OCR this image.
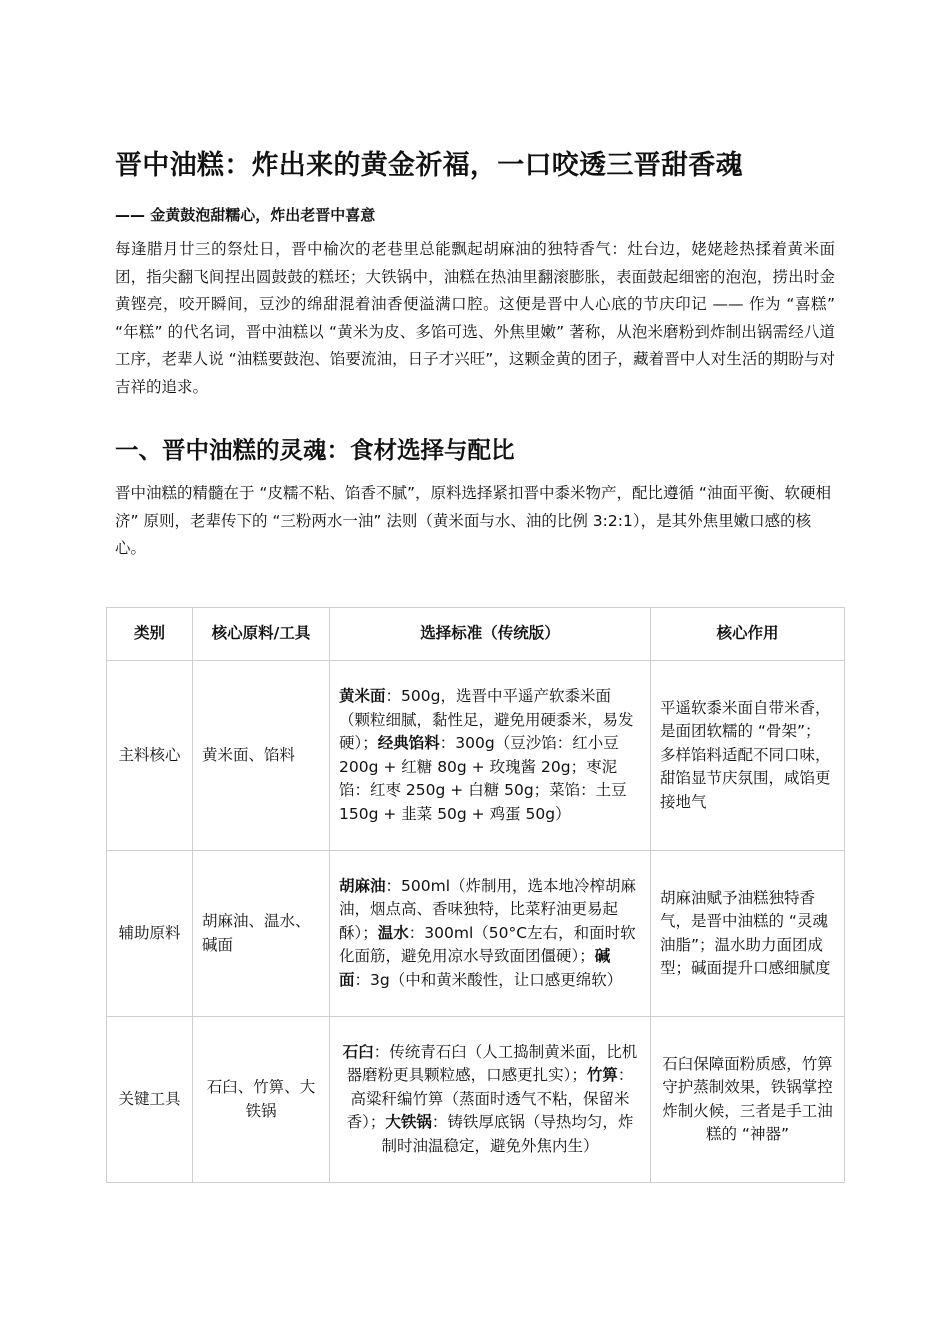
晋中油糕：炸出来的黄金祈福，一口咬透三晋甜香魂

—— 金黄鼓泡甜糯心，炸出老晋中喜意

每逢腊月廿三的祭灶日，晋中榆次的老巷里总能飘起胡麻油的独特香气：灶台边，姥姥趁热揉着黄米面团，指尖翻飞间捏出圆鼓鼓的糕坯；大铁锅中，油糕在热油里翻滚膨胀，表面鼓起细密的泡泡，捞出时金黄铿亮，咬开瞬间，豆沙的绵甜混着油香便溢满口腔。这便是晋中人心底的节庆印记 —— 作为 “喜糕” “年糕” 的代名词，晋中油糕以 “黄米为皮、多馅可选、外焦里嫩” 著称，从泡米磨粉到炸制出锅需经八道工序，老辈人说 “油糕要鼓泡、馅要流油，日子才兴旺”，这颗金黄的团子，藏着晋中人对生活的期盼与对吉祥的追求。

一、晋中油糕的灵魂：食材选择与配比

晋中油糕的精髓在于 “皮糯不粘、馅香不腻”，原料选择紧扣晋中黍米物产，配比遵循 “油面平衡、软硬相济” 原则，老辈传下的 “三粉两水一油” 法则（黄米面与水、油的比例 3:2:1），是其外焦里嫩口感的核心。

类别	核心原料/工具	选择标准（传统版）	核心作用
主料核心	黄米面、馅料	黄米面：500g，选晋中平遥产软黍米面（颗粒细腻，黏性足，避免用硬黍米，易发硬）；经典馅料：300g（豆沙馅：红小豆 200g + 红糖 80g + 玫瑰酱 20g；枣泥馅：红枣 250g + 白糖 50g；菜馅：土豆 150g + 韭菜 50g + 鸡蛋 50g）	平遥软黍米面自带米香，是面团软糯的 “骨架”；多样馅料适配不同口味，甜馅显节庆氛围，咸馅更接地气
辅助原料	胡麻油、温水、碱面	胡麻油：500ml（炸制用，选本地冷榨胡麻油，烟点高、香味独特，比菜籽油更易起酥）；温水：300ml（50°C左右，和面时软化面筋，避免用凉水导致面团僵硬）；碱面：3g（中和黄米酸性，让口感更绵软）	胡麻油赋予油糕独特香气，是晋中油糕的 “灵魂油脂”；温水助力面团成型；碱面提升口感细腻度
关键工具	石臼、竹箅、大铁锅	石臼：传统青石臼（人工捣制黄米面，比机器磨粉更具颗粒感，口感更扎实）；竹箅：高粱秆编竹箅（蒸面时透气不粘，保留米香）；大铁锅：铸铁厚底锅（导热均匀，炸制时油温稳定，避免外焦内生）	石臼保障面粉质感，竹箅守护蒸制效果，铁锅掌控炸制火候，三者是手工油糕的 “神器”
